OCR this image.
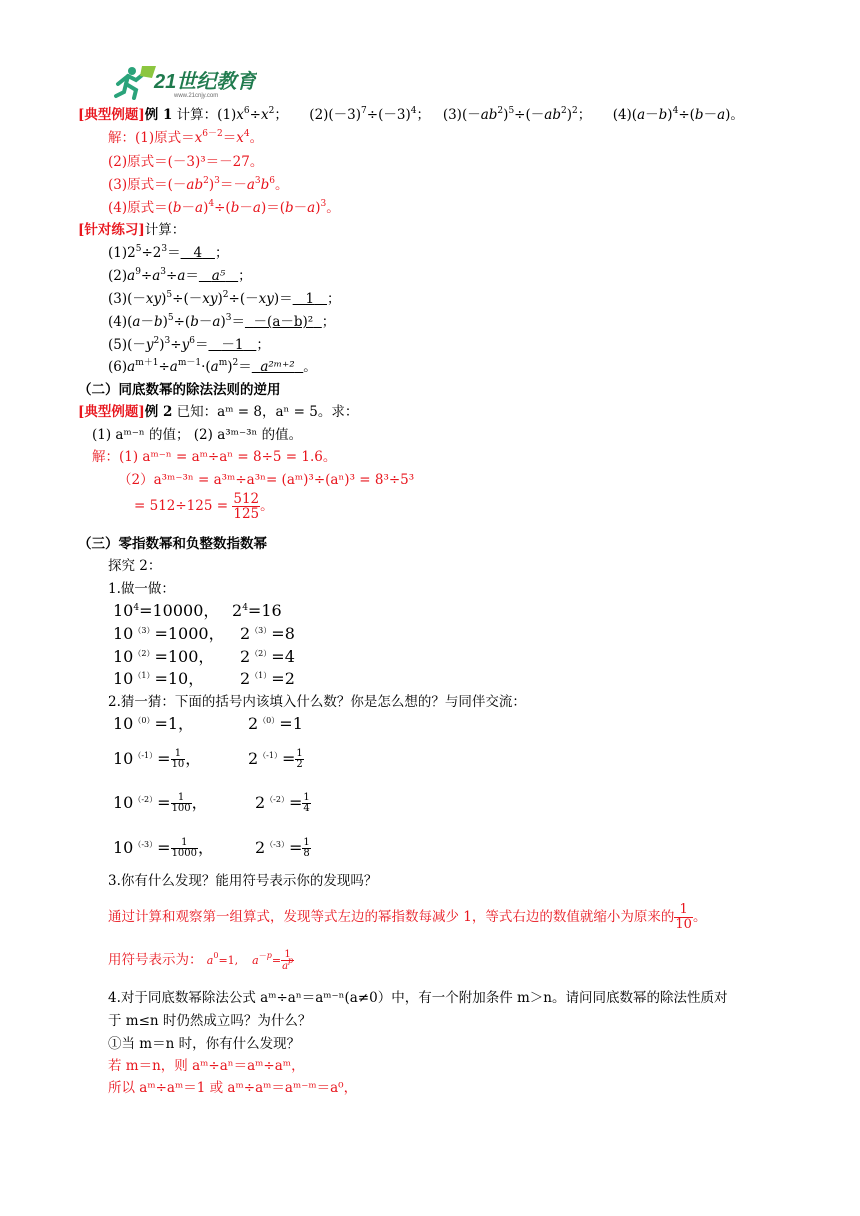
21世纪教育
www.21cnjy.com
[典型例题]例 1 计算：$(1)x^6\div x^2$；     $(2)(-3)^7\div(-3)^4$；   $(3)(-ab^2)^5\div(-ab^2)^2$；     $(4)(a-b)^4\div(b-a)$。
解：(1)原式$=x^{6-2}=x^4$。
(2)原式＝(－3)³＝－27。
(3)原式$=(-ab^2)^3=-a^3b^6$。
(4)原式$=(b-a)^4\div(b-a)=(b-a)^3$。
[针对练习]计算：
$(1)2^5\div 2^3= 4$ ；
$(2)a^9\div a^3\div a= a^5$ ；
$(3)(-xy)^5\div(-xy)^2\div(-xy)= 1$ ；
$(4)(a-b)^5\div(b-a)^3= -(a-b)^2$ ；
$(5)(-y^2)^3\div y^6= -1$ ；
$(6)a^{m+1}\div a^{m-1}\cdot(a^m)^2=$ a²ᵐ⁺² 。
（二）同底数幂的除法法则的逆用
[典型例题]例 2 已知：aᵐ = 8，aⁿ = 5。求：
(1) aᵐ⁻ⁿ 的值； (2) a³ᵐ⁻³ⁿ 的值。
解：(1) aᵐ⁻ⁿ = aᵐ÷aⁿ = 8÷5 = 1.6。
（2）a³ᵐ⁻³ⁿ = a³ᵐ÷a³ⁿ= (aᵐ)³÷(aⁿ)³ = 8³÷5³
= $512\div 125 = \frac{512}{125}$ 。
（三）零指数幂和负整数指数幂
探究 2：
1.做一做：
$10^4=10000$， $2^4=16$
$10^{(3)}=1000$， $2^{(3)}=8$
$10^{(2)}=100$， $2^{(2)}=4$
$10^{(1)}=10$， $2^{(1)}=2$
2.猜一猜：下面的括号内该填入什么数？你是怎么想的？与同伴交流：
$10^{(0)}=1$，	$2^{(0)}=1$
$10^{(-1)}= \frac{1}{10}$ ，	$2^{(-1)}= \frac{1}{2}$
$10^{(-2)}= \frac{1}{100}$ ，	$2^{(-2)}= \frac{1}{4}$
$10^{(-3)}= \frac{1}{1000}$ ，	$2^{(-3)}= \frac{1}{8}$
3.你有什么发现？能用符号表示你的发现吗？
通过计算和观察第一组算式，发现等式左边的幂指数每减少 1，等式右边的数值就缩小为原来的 $\frac{1}{10}$ 。
用符号表示为： $a^0=1$,    $a^{-p}= \frac{1}{a^p}$
4.对于同底数幂除法公式 aᵐ÷aⁿ＝aᵐ⁻ⁿ(a≠0）中，有一个附加条件 m＞n。请问同底数幂的除法性质对
于 m≤n 时仍然成立吗？为什么？
①当 m＝n 时，你有什么发现？
若 m＝n，则 aᵐ÷aⁿ＝aᵐ÷aᵐ，
所以 aᵐ÷aᵐ＝1 或 aᵐ÷aᵐ＝aᵐ⁻ᵐ＝a⁰，
